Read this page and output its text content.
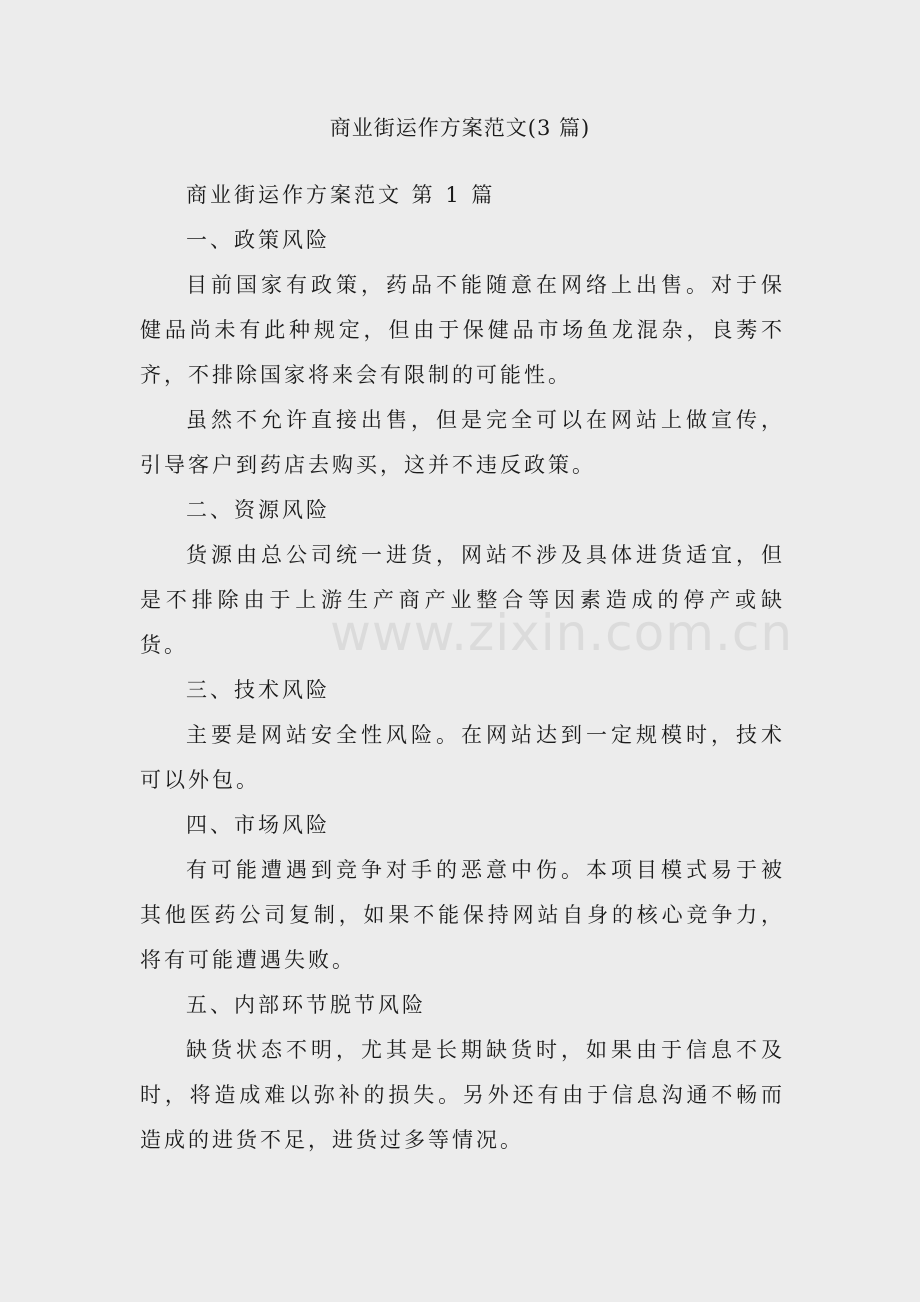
商业街运作方案范文(3 篇)

商业街运作方案范文 第 1 篇

一、政策风险

目前国家有政策，药品不能随意在网络上出售。对于保健品尚未有此种规定，但由于保健品市场鱼龙混杂，良莠不齐，不排除国家将来会有限制的可能性。

虽然不允许直接出售，但是完全可以在网站上做宣传，引导客户到药店去购买，这并不违反政策。

二、资源风险

货源由总公司统一进货，网站不涉及具体进货适宜，但是不排除由于上游生产商产业整合等因素造成的停产或缺货。

三、技术风险

主要是网站安全性风险。在网站达到一定规模时，技术可以外包。

四、市场风险

有可能遭遇到竞争对手的恶意中伤。本项目模式易于被其他医药公司复制，如果不能保持网站自身的核心竞争力，将有可能遭遇失败。

五、内部环节脱节风险

缺货状态不明，尤其是长期缺货时，如果由于信息不及时，将造成难以弥补的损失。另外还有由于信息沟通不畅而造成的进货不足，进货过多等情况。

www.zixin.com.cn
